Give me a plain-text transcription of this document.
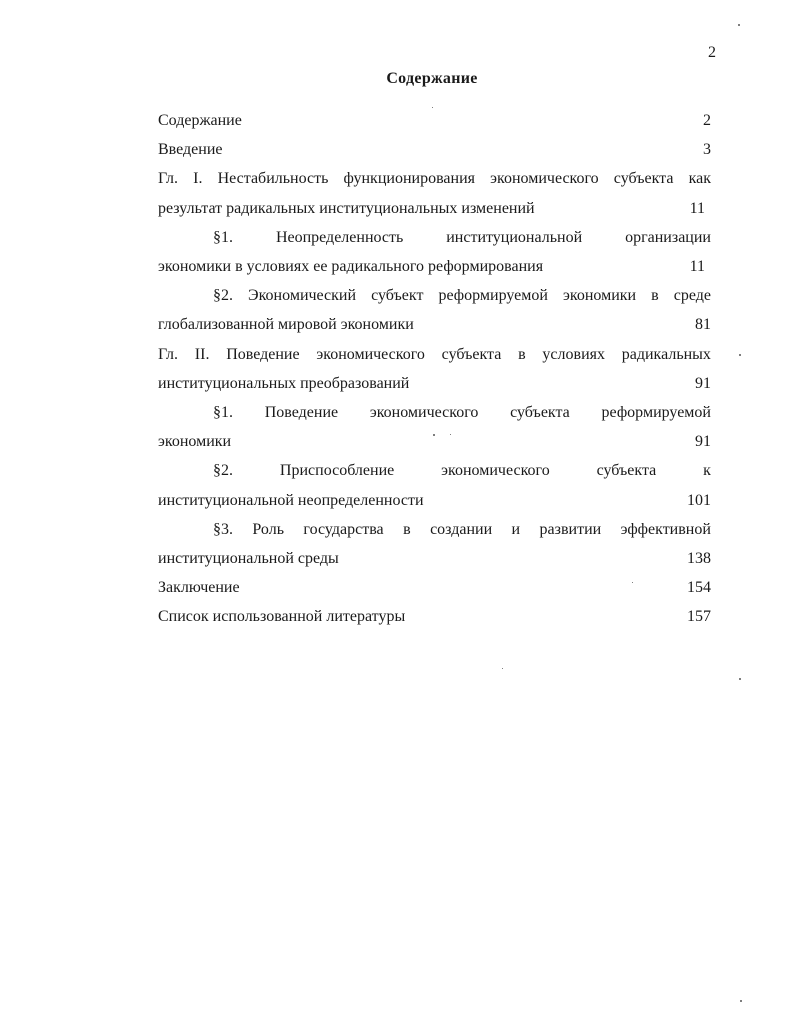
2
Содержание
Содержание	2
Введение	3
Гл. I. Нестабильность функционирования экономического субъекта как
результат радикальных институциональных изменений	11
§1.	Неопределенность	институциональной	организации
экономики в условиях ее радикального реформирования	11
§2. Экономический субъект реформируемой экономики в среде
глобализованной мировой экономики	81
Гл. II. Поведение экономического субъекта в условиях радикальных
институциональных преобразований	91
§1. Поведение экономического субъекта реформируемой
экономики	91
§2.	Приспособление	экономического	субъекта	к
институциональной неопределенности	101
§3. Роль государства в создании и развитии эффективной
институциональной среды	138
Заключение	154
Список использованной литературы	157
